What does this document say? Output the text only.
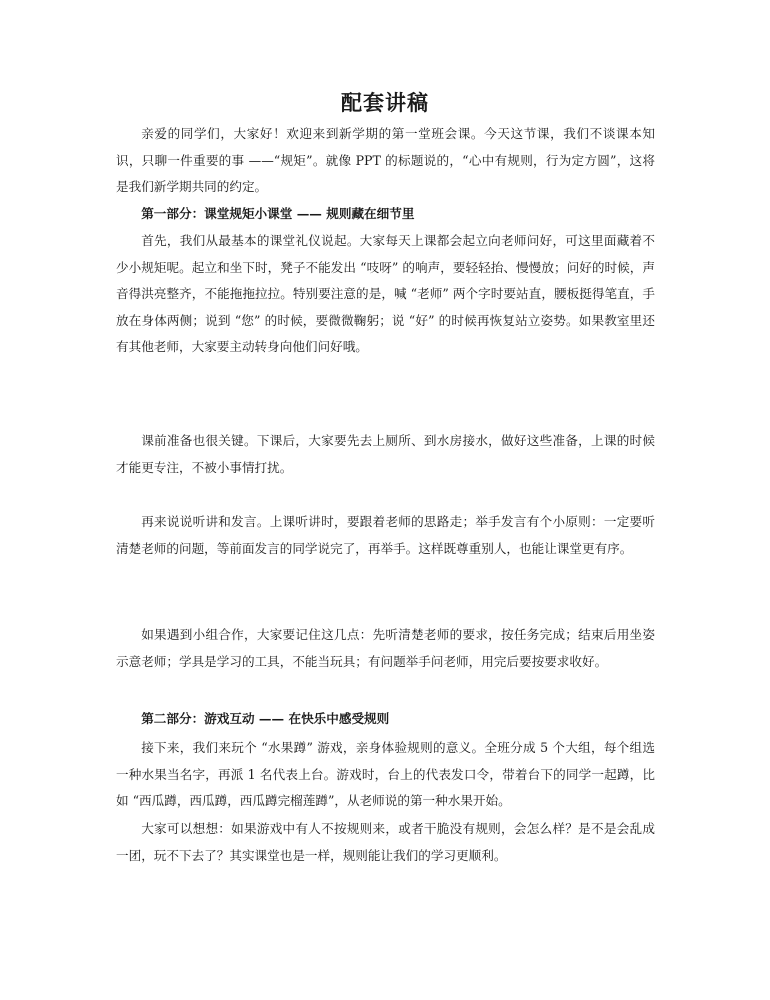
配套讲稿

亲爱的同学们，大家好！欢迎来到新学期的第一堂班会课。今天这节课，我们不谈课本知识，只聊一件重要的事 ——“规矩”。就像 PPT 的标题说的，“心中有规则，行为定方圆”，这将是我们新学期共同的约定。

第一部分：课堂规矩小课堂 —— 规则藏在细节里

首先，我们从最基本的课堂礼仪说起。大家每天上课都会起立向老师问好，可这里面藏着不少小规矩呢。起立和坐下时，凳子不能发出 “吱呀” 的响声，要轻轻抬、慢慢放；问好的时候，声音得洪亮整齐，不能拖拖拉拉。特别要注意的是，喊 “老师” 两个字时要站直，腰板挺得笔直，手放在身体两侧；说到 “您” 的时候，要微微鞠躬；说 “好” 的时候再恢复站立姿势。如果教室里还有其他老师，大家要主动转身向他们问好哦。

课前准备也很关键。下课后，大家要先去上厕所、到水房接水，做好这些准备，上课的时候才能更专注，不被小事情打扰。

再来说说听讲和发言。上课听讲时，要跟着老师的思路走；举手发言有个小原则：一定要听清楚老师的问题，等前面发言的同学说完了，再举手。这样既尊重别人，也能让课堂更有序。

如果遇到小组合作，大家要记住这几点：先听清楚老师的要求，按任务完成；结束后用坐姿示意老师；学具是学习的工具，不能当玩具；有问题举手问老师，用完后要按要求收好。

第二部分：游戏互动 —— 在快乐中感受规则

接下来，我们来玩个 “水果蹲” 游戏，亲身体验规则的意义。全班分成 5 个大组，每个组选一种水果当名字，再派 1 名代表上台。游戏时，台上的代表发口令，带着台下的同学一起蹲，比如 “西瓜蹲，西瓜蹲，西瓜蹲完榴莲蹲”，从老师说的第一种水果开始。

大家可以想想：如果游戏中有人不按规则来，或者干脆没有规则，会怎么样？是不是会乱成一团，玩不下去了？其实课堂也是一样，规则能让我们的学习更顺利。
